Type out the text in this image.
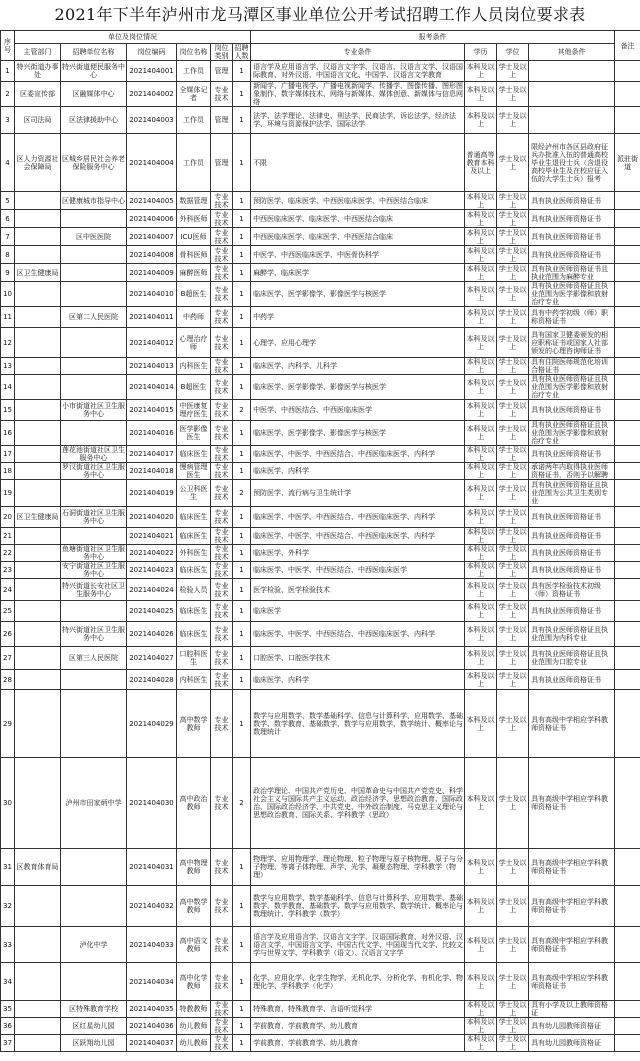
2021年下半年泸州市龙马潭区事业单位公开考试招聘工作人员岗位要求表
序号	单位及岗位情况						报考条件				备注
	主管部门	招聘单位名称	岗位编码	岗位名称	岗位类别	招聘人数	专业条件	学历	学位	其他条件	
1	特兴街道办事处	特兴街道便民服务中心	2021404001	工作员	管理	1	语言学及应用语言学、汉语言文字学、汉语言、汉语言文学、汉语国际教育、对外汉语、中国语言文化、中国学、汉语言文学教育	本科及以上	学士及以上		
2	区委宣传部	区融媒体中心	2021404002	全媒体记者	专业技术	1	新闻学、广播电视学、广播电视新闻学、传播学、图像传播、图形图象制作、数字媒体技术、网络与新媒体、媒体创意、新媒体与信息网络	本科及以上	学士及以上		
3	区司法局	区法律援助中心	2021404003	工作员	管理	1	法学、法学理论、法律史、刑法学、民商法学、诉讼法学、经济法学、环境与资源保护法学、国际法学	本科及以上	学士及以上		
4	区人力资源社会保障局	区城乡居民社会养老保险服务中心	2021404004	工作员	管理	1	不限	普通高等教育本科及以上	学士及以上	限经泸州市各区县政府征兵办批准入伍的普通高校毕业生退役士兵（含退役高校毕业生及在校应征入伍的大学生士兵）报考	派驻街道
5		区健康城市指导中心	2021404005	数据管理	专业技术	1	预防医学、临床医学、中西医临床医学、中西医结合临床	本科及以上	学士及以上	具有执业医师资格证书	
6			2021404006	外科医师	专业技术	1	中西医临床医学、临床医学、中西医结合临床	本科及以上	学士及以上	具有执业医师资格证书	
7		区中医医院	2021404007	ICU医师	专业技术	1	中西医临床医学、临床医学、中西医结合临床	本科及以上	学士及以上	具有执业医师资格证书	
8			2021404008	骨科医师	专业技术	1	中医学、中西医临床医学、中医骨伤科学	本科及以上	学士及以上	具有执业医师资格证书	
9	区卫生健康局		2021404009	麻醉医师	专业技术	1	麻醉学、临床医学	本科及以上	学士及以上	具有执业医师资格证书且执业范围为麻醉专业	
10			2021404010	B超医生	专业技术	1	临床医学、医学影像学、影像医学与核医学	本科及以上	学士及以上	具有执业医师资格证且执业范围为医学影像和放射治疗专业	
11		区第二人民医院	2021404011	中药师	专业技术	1	中药学	本科及以上	学士及以上	具有中药学初级（师）职称资格证书	
12			2021404012	心理治疗师	专业技术	1	心理学、应用心理学	本科及以上	学士及以上	具有国家卫健委颁发的相应职称证书或国家人社部颁发的心理咨询师证书	
13			2021404013	内科医生	专业技术	1	临床医学、内科学、儿科学	本科及以上	学士及以上	具有住院医师规范化培训合格证书	
14			2021404014	B超医生	专业技术	1	临床医学、医学影像学、影像医学与核医学	本科及以上	学士及以上	具有执业医师资格证且执业范围为医学影像和放射治疗专业	
15		小市街道社区卫生服务中心	2021404015	中医康复理疗医生	专业技术	2	中医学、中西医结合、中西医临床医学	本科及以上	学士及以上	具有执业医师资格证书	
16			2021404016	医学影像医生	专业技术	1	临床医学、医学影像学、影像医学与核医学	本科及以上	学士及以上	具有执业医师资格证且执业范围为医学影像和放射治疗专业	
17		莲花池街道社区卫生服务中心	2021404017	临床医生	专业技术	1	临床医学、中医学、中西医结合、中西医临床医学、内科学	本科及以上	学士及以上	具有执业医师资格证书	
18		罗汉街道社区卫生服务中心	2021404018	慢病管理医生	专业技术	1	临床医学、内科学	本科及以上	学士及以上	承诺两年内取得执业医师资格证书，否则予以解聘	
19			2021404019	公卫科医生	专业技术	2	预防医学、流行病与卫生统计学	本科及以上	学士及以上	具有执业医师资格证且执业范围为公共卫生类别专业	
20	区卫生健康局	石洞街道社区卫生服务中心	2021404020	临床医生	专业技术	1	临床医学、中医学、中西医结合、中西医临床医学、内科学	本科及以上	学士及以上	具有执业医师资格证书	
21			2021404021	临床医生	专业技术	1	临床医学、中医学、中西医结合、中西医临床医学、内科学	本科及以上	学士及以上	具有执业医师资格证书	
22		鱼塘街道社区卫生服务中心	2021404022	外科医生	专业技术	1	临床医学、外科学	本科及以上	学士及以上	具有执业医师资格证书	
23		安宁街道社区卫生服务中心	2021404023	临床医生	专业技术	1	临床医学、中医学、中西医结合、中西医临床医学	本科及以上	学士及以上	具有执业医师资格证书	
24		特兴街道长安社区卫生服务中心	2021404024	检验人员	专业技术	1	医学检验、医学检验技术	本科及以上	学士及以上	具有医学检验技术初级（师）资格证书	
25			2021404025	临床医生	专业技术	1	临床医学	本科及以上	学士及以上	具有执业医师资格证书	
26		特兴街道社区卫生服务中心	2021404026	临床医生	专业技术	1	临床医学、中医学、中西医结合、中西医临床医学、内科学	本科及以上	学士及以上	具有执业医师资格证且执业范围为内科专业	
27		区第三人民医院	2021404027	口腔科医生	专业技术	1	口腔医学、口腔医学技术	本科及以上	学士及以上	具有执业医师资格证且执业范围为口腔专业	
28			2021404028	内科医生	专业技术	1	临床医学、内科学	本科及以上	学士及以上	具有执业医师资格证书	
29			2021404029	高中数学教师	专业技术	1	数学与应用数学、数学基础科学、信息与计算科学、应用数学、基础数学、数学教育、基础数学、数学与应用数学、数学统计、概率论与数理统计	本科及以上	学士及以上	具有高级中学相应学科教师资格证书	
30		泸州市田家炳中学	2021404030	高中政治教师	专业技术	2	政治学理论、中国共产党历史、中国革命史与中国共产党党史、科学社会主义与国际共产主义运动、政治经济学、思想政治教育、国际政治、国际政治经济学、中共党史、中外政治制度、马克思主义理论与思想政治教育、国际关系、学科教学（思政）	本科及以上	学士及以上	具有高级中学相应学科教师资格证书	
31	区教育体育局		2021404031	高中物理教师	专业技术	1	物理学、应用物理学、理论物理、粒子物理与原子核物理、原子与分子物理、等离子体物理、声学、光学、凝聚态物理、学科教学（物理）	本科及以上	学士及以上	具有高级中学相应学科教师资格证书	
32			2021404032	高中数学教师	专业技术	1	数学与应用数学、数学基础科学、信息与计算科学、应用数学、基础数学、数学教育、基础数学、数学与应用数学、数学统计、概率论与数理统计、学科教学（数学）	本科及以上	学士及以上	具有高级中学相应学科教师资格证书	
33		泸化中学	2021404033	高中语文教师	专业技术	1	语言学及应用语言学、汉语言文字学、汉语国际教育、对外汉语、汉语言文学、中国语言文学、中国古代文学、中国现当代文学、比较文学与世界文学、学科教学（语文）、汉语言文字学	本科及以上	学士及以上	具有高级中学相应学科教师资格证书	
34			2021404034	高中化学教师	专业技术	1	化学、应用化学、化学生物学、无机化学、分析化学、有机化学、物理化学、学科教学（化学）	本科及以上	学士及以上	具有高级中学相应学科教师资格证书	
35		区特殊教育学校	2021404035	特教教师	专业技术	1	特殊教育、特殊教育学、言语听觉科学	本科及以上	学士及以上	具有小学及以上教师资格证	
36		区红星幼儿园	2021404036	幼儿教师	专业技术	1	学前教育、学前教育学、幼儿教育	本科及以上	学士及以上	具有幼儿园教师资格证	
37		区跃翔幼儿园	2021404037	幼儿教师	专业技术	1	学前教育、学前教育学、幼儿教育	本科及以上	学士及以上	具有幼儿园教师资格证	
